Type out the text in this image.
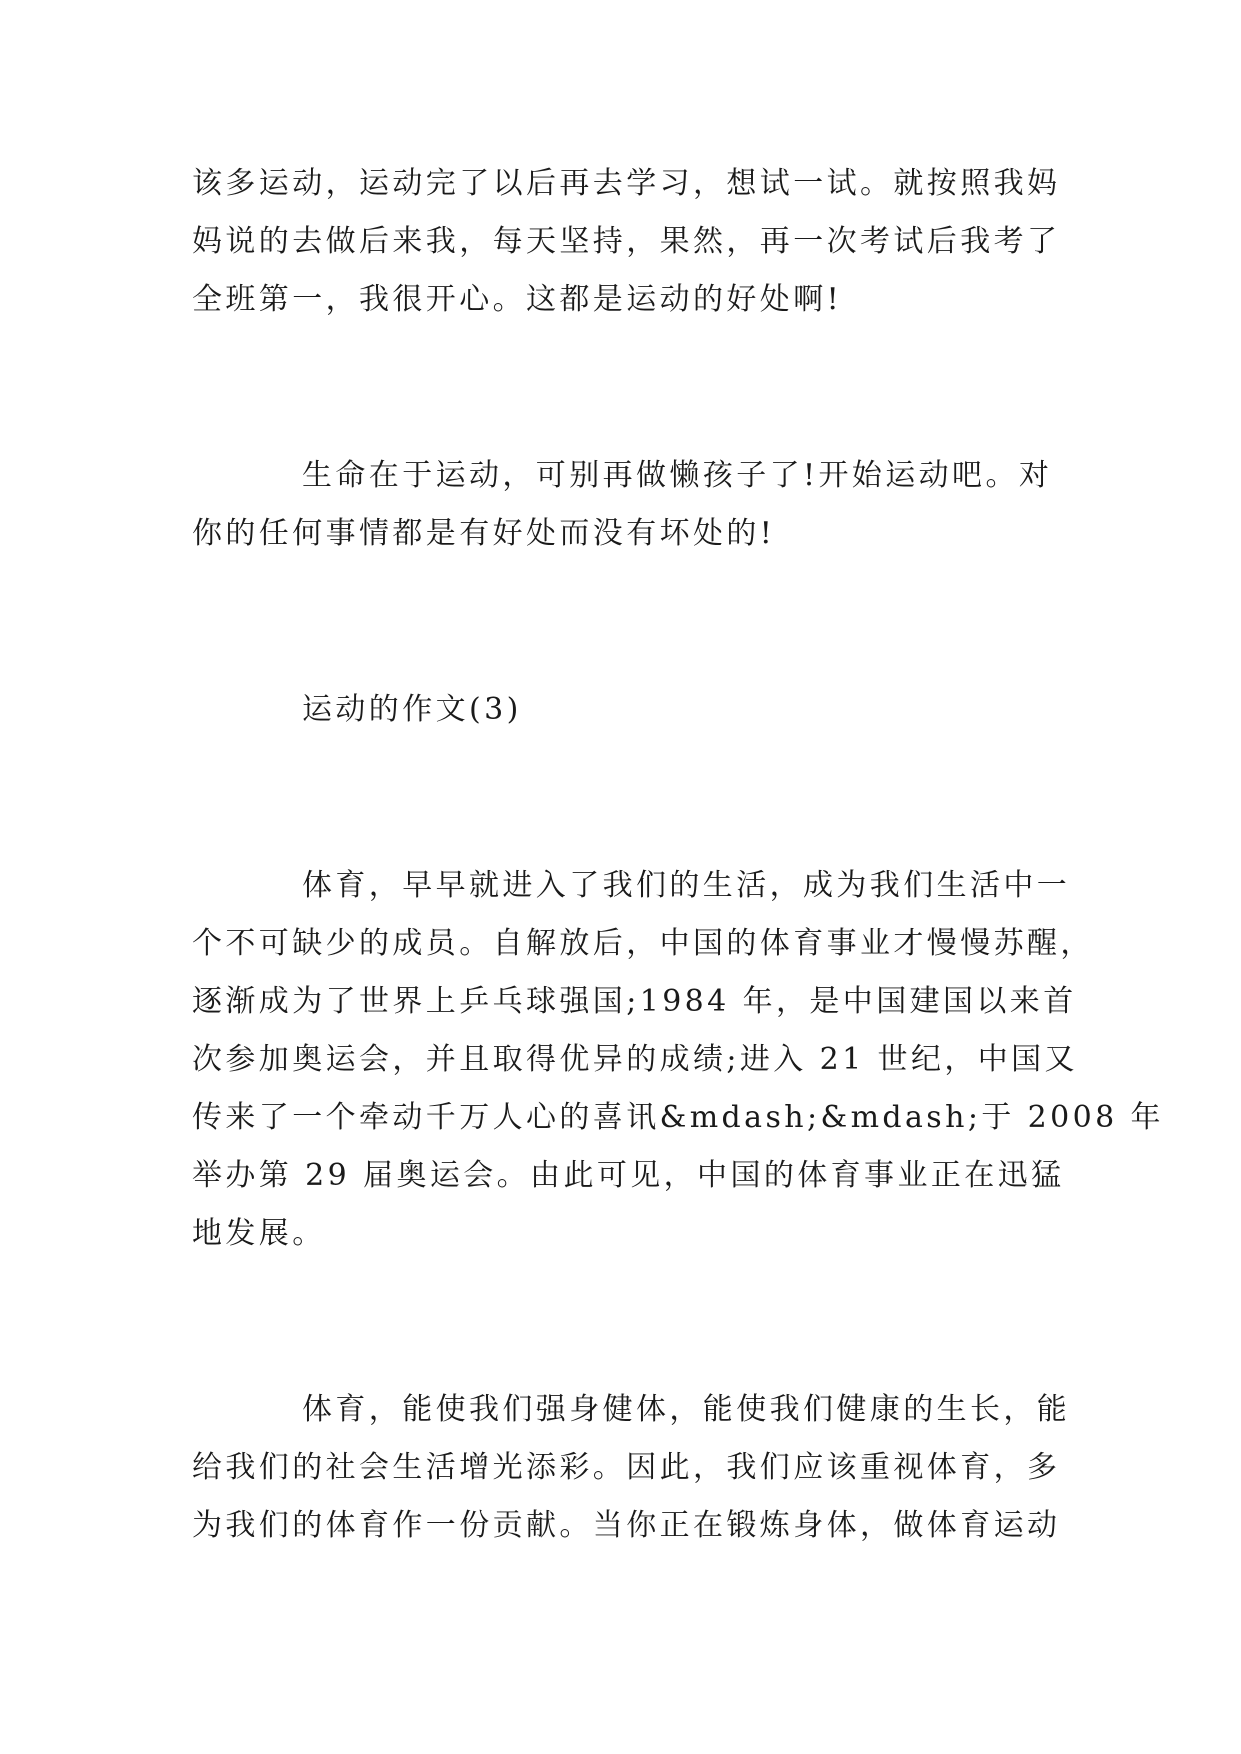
该多运动，运动完了以后再去学习，想试一试。就按照我妈
妈说的去做后来我，每天坚持，果然，再一次考试后我考了
全班第一，我很开心。这都是运动的好处啊!
生命在于运动，可别再做懒孩子了!开始运动吧。对
你的任何事情都是有好处而没有坏处的!
运动的作文(3)
体育，早早就进入了我们的生活，成为我们生活中一
个不可缺少的成员。自解放后，中国的体育事业才慢慢苏醒，
逐渐成为了世界上乒乓球强国;1984 年，是中国建国以来首
次参加奥运会，并且取得优异的成绩;进入 21 世纪，中国又
传来了一个牵动千万人心的喜讯&mdash;&mdash;于 2008 年
举办第 29 届奥运会。由此可见，中国的体育事业正在迅猛
地发展。
体育，能使我们强身健体，能使我们健康的生长，能
给我们的社会生活增光添彩。因此，我们应该重视体育，多
为我们的体育作一份贡献。当你正在锻炼身体，做体育运动
